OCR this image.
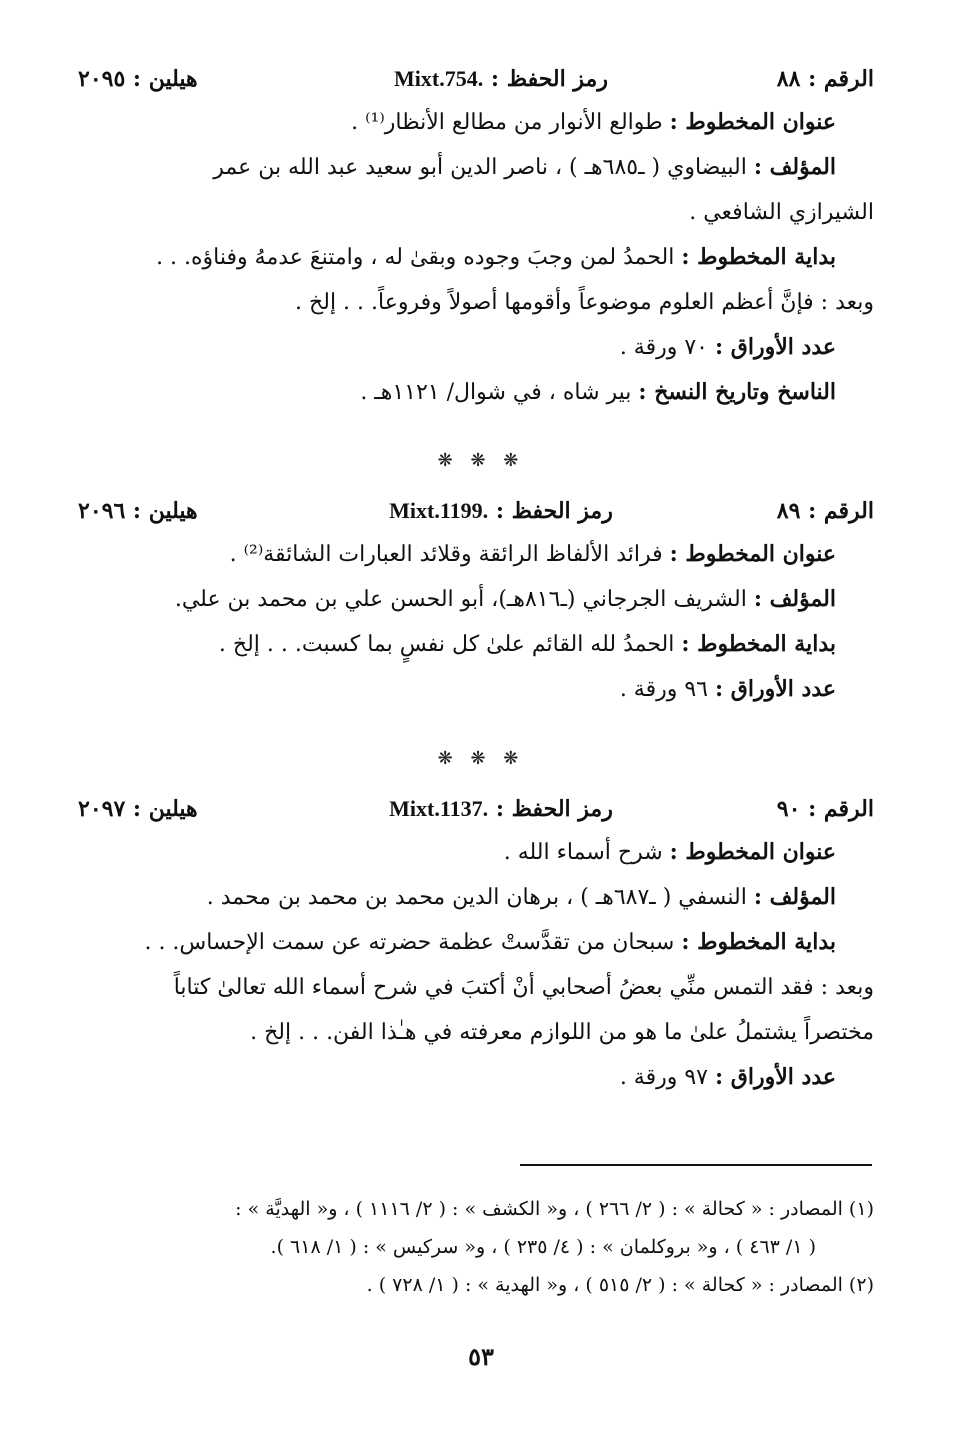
الرقم : ٨٨
رمز الحفظ : Mixt.754.
هيلين : ٢٠٩٥
عنوان المخطوط : طوالع الأنوار من مطالع الأنظار⁽¹⁾ .
المؤلف : البيضاوي ( ـ٦٨٥هـ ) ، ناصر الدين أبو سعيد عبد الله بن عمر
الشيرازي الشافعي .
بداية المخطوط : الحمدُ لمن وجبَ وجوده وبقىٰ له ، وامتنعَ عدمهُ وفناؤه. . .
وبعد : فإنَّ أعظم العلوم موضوعاً وأقومها أصولاً وفروعاً. . . إلخ .
عدد الأوراق : ٧٠ ورقة .
الناسخ وتاريخ النسخ : بير شاه ، في شوال/ ١١٢١هـ .
❋ ❋ ❋
الرقم : ٨٩
رمز الحفظ : Mixt.1199.
هيلين : ٢٠٩٦
عنوان المخطوط : فرائد الألفاظ الرائقة وقلائد العبارات الشائقة⁽²⁾ .
المؤلف : الشريف الجرجاني (ـ٨١٦هـ)، أبو الحسن علي بن محمد بن علي.
بداية المخطوط : الحمدُ لله القائم علىٰ كل نفسٍ بما كسبت. . . إلخ .
عدد الأوراق : ٩٦ ورقة .
❋ ❋ ❋
الرقم : ٩٠
رمز الحفظ : Mixt.1137.
هيلين : ٢٠٩٧
عنوان المخطوط : شرح أسماء الله .
المؤلف : النسفي ( ـ٦٨٧هـ ) ، برهان الدين محمد بن محمد بن محمد .
بداية المخطوط : سبحان من تقدَّستْ عظمة حضرته عن سمت الإحساس. . .
وبعد : فقد التمس منِّي بعضُ أصحابي أنْ أكتبَ في شرح أسماء الله تعالىٰ كتاباً
مختصراً يشتملُ علىٰ ما هو من اللوازم معرفته في هـٰذا الفن. . . إلخ .
عدد الأوراق : ٩٧ ورقة .
(١) المصادر : « كحالة » : ( ٢/ ٢٦٦ ) ، و« الكشف » : ( ٢/ ١١١٦ ) ، و« الهديَّة » :
( ١/ ٤٦٣ ) ، و« بروكلمان » : ( ٤/ ٢٣٥ ) ، و« سركيس » : ( ١/ ٦١٨ ).
(٢) المصادر : « كحالة » : ( ٢/ ٥١٥ ) ، و« الهدية » : ( ١/ ٧٢٨ ) .
٥٣
